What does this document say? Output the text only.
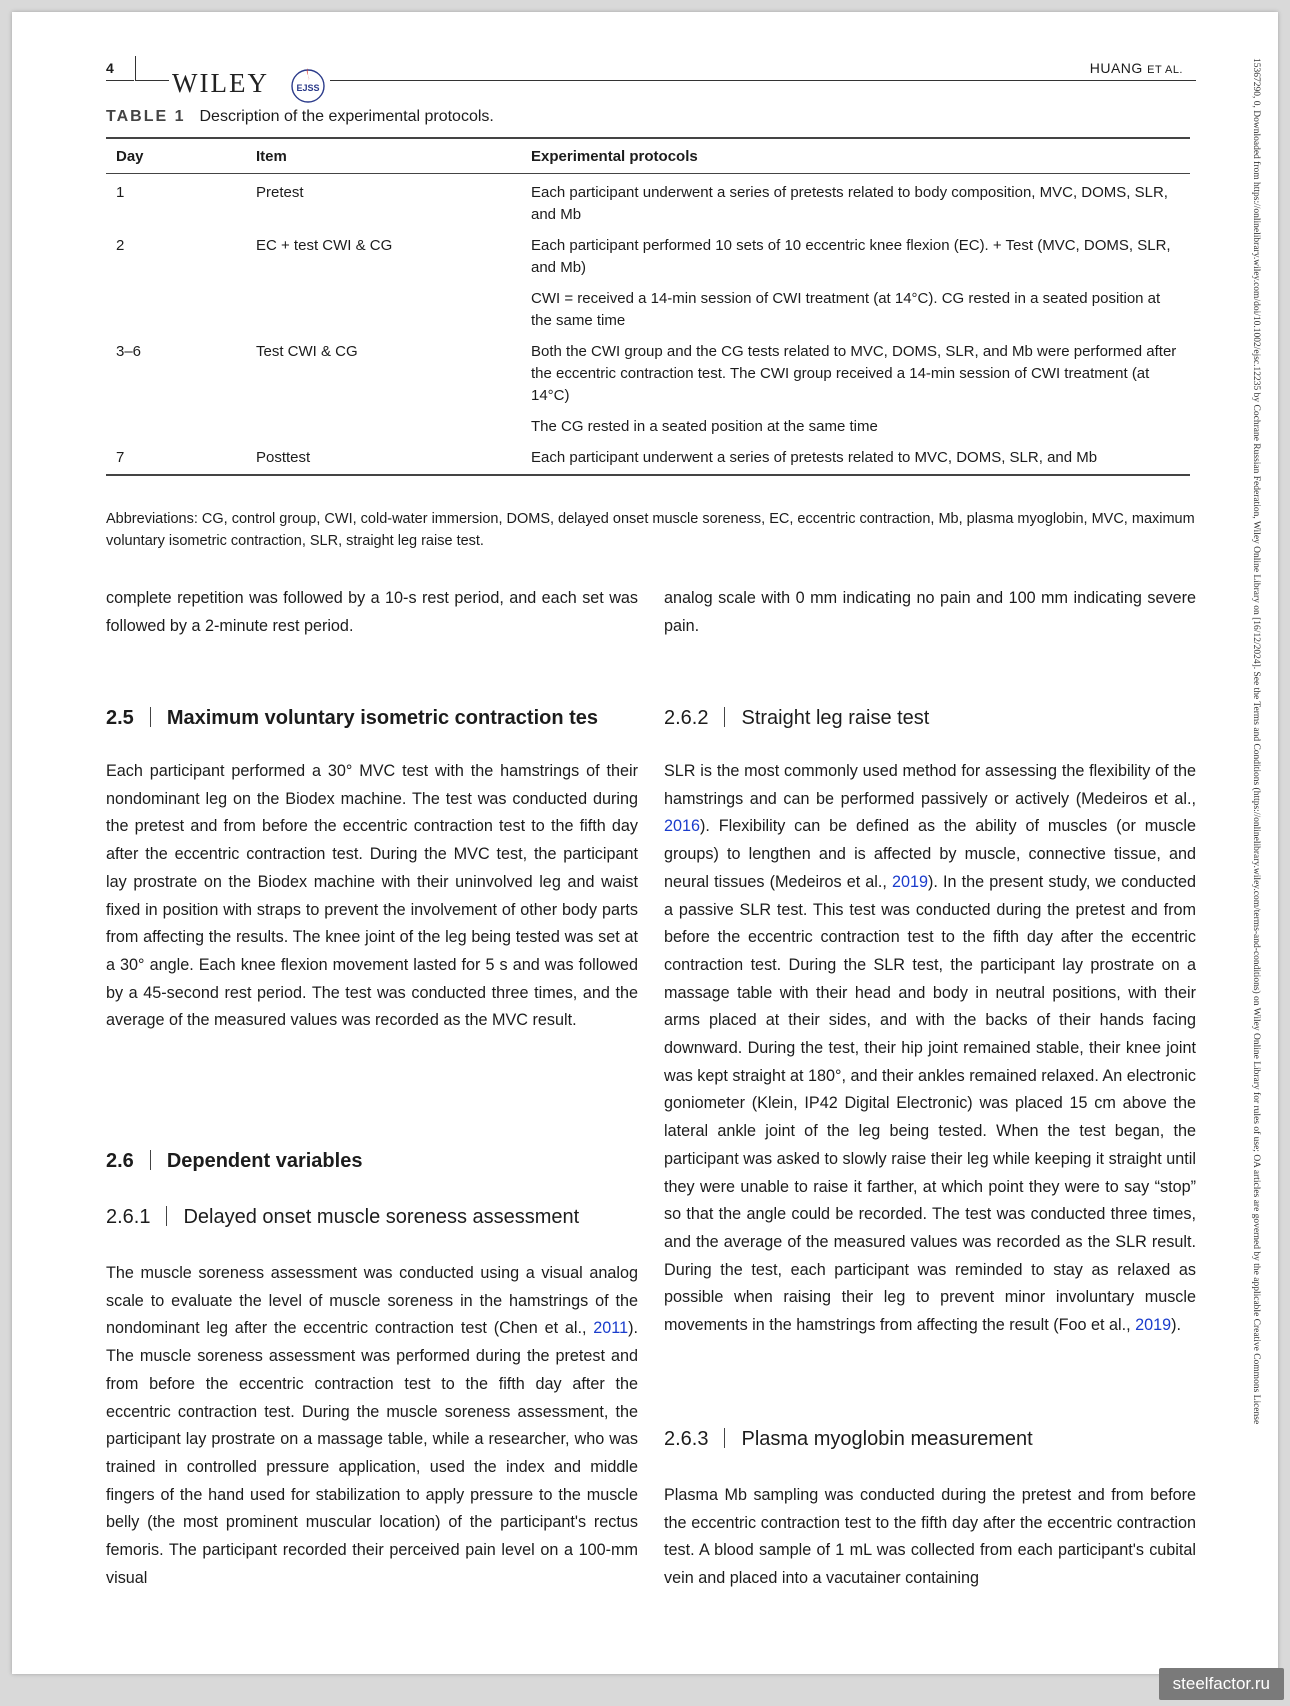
4 WILEY	EJSS
HUANG ET AL.
TABLE 1 Description of the experimental protocols.
Day	Item	Experimental protocols
1	Pretest	Each participant underwent a series of pretests related to body composition, MVC, DOMS, SLR, and Mb
2	EC + test CWI & CG	Each participant performed 10 sets of 10 eccentric knee flexion (EC). + Test (MVC, DOMS, SLR, and Mb)
		CWI = received a 14-min session of CWI treatment (at 14°C). CG rested in a seated position at the same time
3–6	Test CWI & CG	Both the CWI group and the CG tests related to MVC, DOMS, SLR, and Mb were performed after the eccentric contraction test. The CWI group received a 14-min session of CWI treatment (at 14°C)
		The CG rested in a seated position at the same time
7	Posttest	Each participant underwent a series of pretests related to MVC, DOMS, SLR, and Mb
Abbreviations: CG, control group, CWI, cold-water immersion, DOMS, delayed onset muscle soreness, EC, eccentric contraction, Mb, plasma myoglobin, MVC, maximum voluntary isometric contraction, SLR, straight leg raise test.

complete repetition was followed by a 10-s rest period, and each set was followed by a 2-minute rest period.

2.5 Maximum voluntary isometric contraction tes

Each participant performed a 30° MVC test with the hamstrings of their nondominant leg on the Biodex machine. The test was conducted during the pretest and from before the eccentric contraction test to the fifth day after the eccentric contraction test. During the MVC test, the participant lay prostrate on the Biodex machine with their uninvolved leg and waist fixed in position with straps to prevent the involvement of other body parts from affecting the results. The knee joint of the leg being tested was set at a 30° angle. Each knee flexion movement lasted for 5 s and was followed by a 45-second rest period. The test was conducted three times, and the average of the measured values was recorded as the MVC result.

2.6 Dependent variables

2.6.1 Delayed onset muscle soreness assessment

The muscle soreness assessment was conducted using a visual analog scale to evaluate the level of muscle soreness in the hamstrings of the nondominant leg after the eccentric contraction test (Chen et al., 2011). The muscle soreness assessment was performed during the pretest and from before the eccentric contraction test to the fifth day after the eccentric contraction test. During the muscle soreness assessment, the participant lay prostrate on a massage table, while a researcher, who was trained in controlled pressure application, used the index and middle fingers of the hand used for stabilization to apply pressure to the muscle belly (the most prominent muscular location) of the participant's rectus femoris. The participant recorded their perceived pain level on a 100-mm visual

analog scale with 0 mm indicating no pain and 100 mm indicating severe pain.

2.6.2 Straight leg raise test

SLR is the most commonly used method for assessing the flexibility of the hamstrings and can be performed passively or actively (Medeiros et al., 2016). Flexibility can be defined as the ability of muscles (or muscle groups) to lengthen and is affected by muscle, connective tissue, and neural tissues (Medeiros et al., 2019). In the present study, we conducted a passive SLR test. This test was conducted during the pretest and from before the eccentric contraction test to the fifth day after the eccentric contraction test. During the SLR test, the participant lay prostrate on a massage table with their head and body in neutral positions, with their arms placed at their sides, and with the backs of their hands facing downward. During the test, their hip joint remained stable, their knee joint was kept straight at 180°, and their ankles remained relaxed. An electronic goniometer (Klein, IP42 Digital Electronic) was placed 15 cm above the lateral ankle joint of the leg being tested. When the test began, the participant was asked to slowly raise their leg while keeping it straight until they were unable to raise it farther, at which point they were to say “stop” so that the angle could be recorded. The test was conducted three times, and the average of the measured values was recorded as the SLR result. During the test, each participant was reminded to stay as relaxed as possible when raising their leg to prevent minor involuntary muscle movements in the hamstrings from affecting the result (Foo et al., 2019).

2.6.3 Plasma myoglobin measurement

Plasma Mb sampling was conducted during the pretest and from before the eccentric contraction test to the fifth day after the eccentric contraction test. A blood sample of 1 mL was collected from each participant's cubital vein and placed into a vacutainer containing

15367290, 0, Downloaded from https://onlinelibrary.wiley.com/doi/10.1002/ejsc.12235 by Cochrane Russian Federation, Wiley Online Library on [16/12/2024]. See the Terms and Conditions (https://onlinelibrary.wiley.com/terms-and-conditions) on Wiley Online Library for rules of use; OA articles are governed by the applicable Creative Commons License
steelfactor.ru
